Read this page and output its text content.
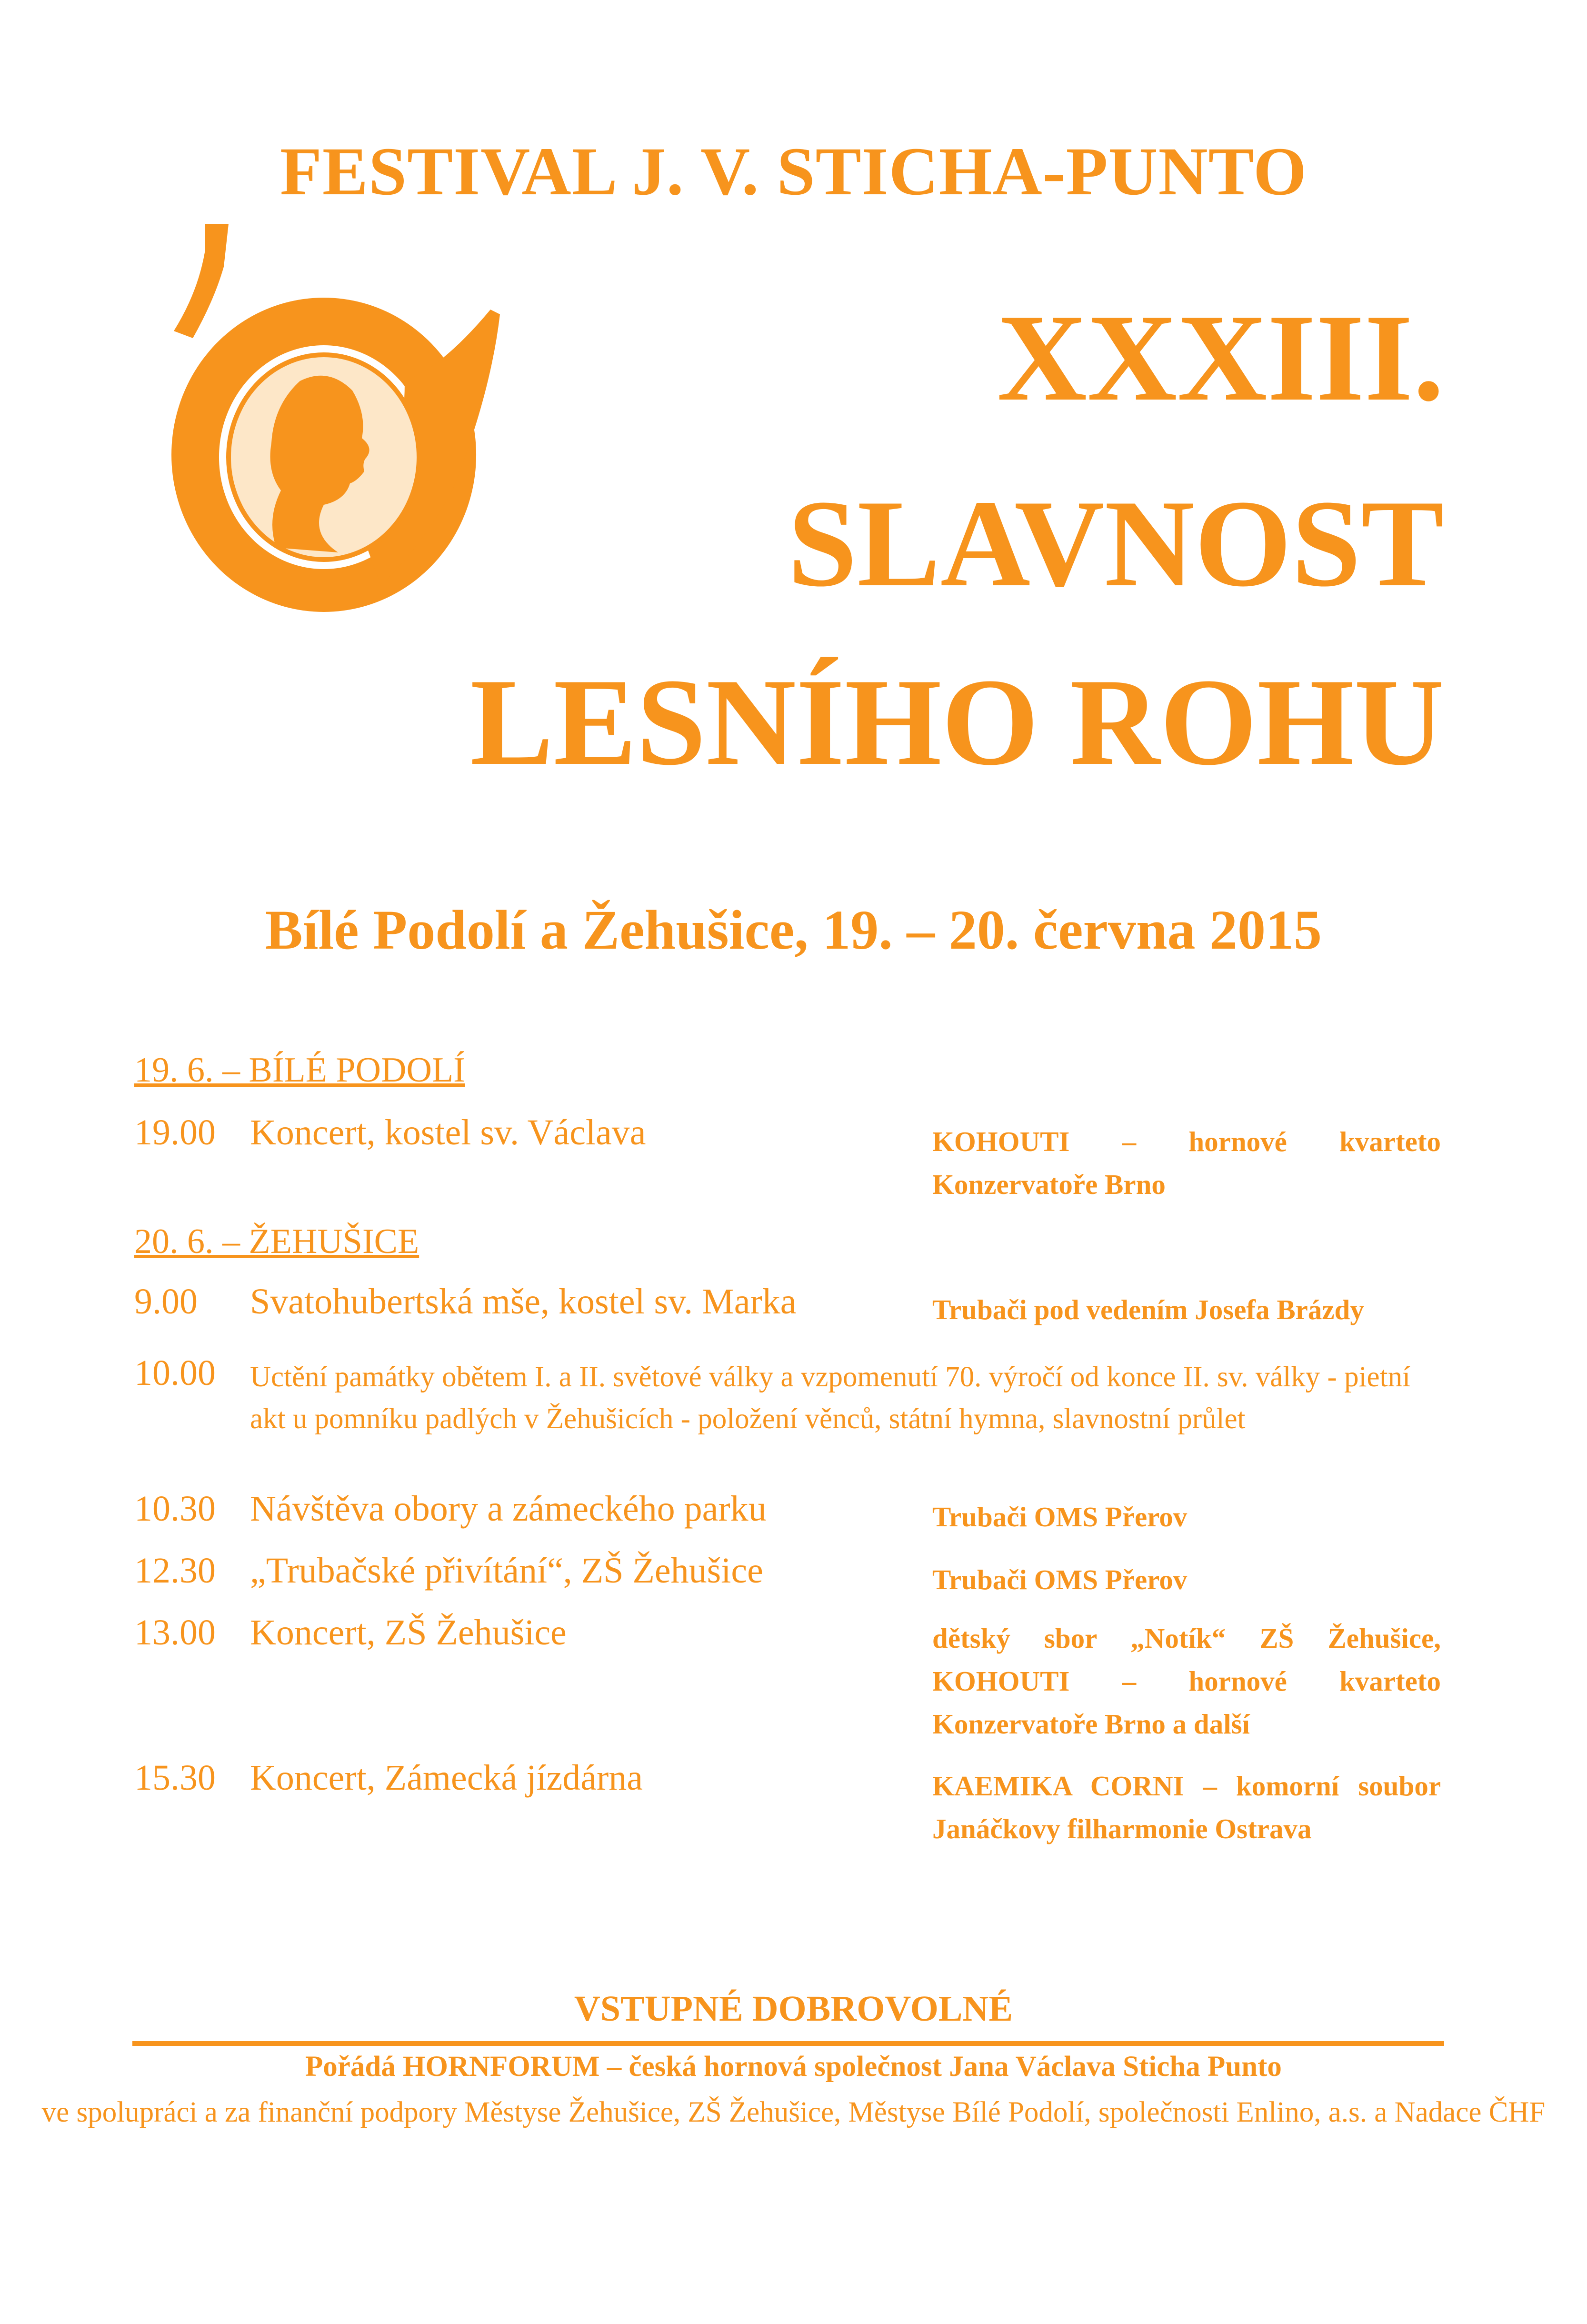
FESTIVAL J. V. STICHA-PUNTO
XXXIII.
SLAVNOST
LESNÍHO ROHU
Bílé Podolí a Žehušice, 19. – 20. června 2015
19. 6. – BÍLÉ PODOLÍ
19.00 Koncert, kostel sv. Václava	KOHOUTI – hornové kvarteto Konzervatoře Brno
20. 6. – ŽEHUŠICE
9.00 Svatohubertská mše, kostel sv. Marka	Trubači pod vedením Josefa Brázdy
10.00 Uctění památky obětem I. a II. světové války a vzpomenutí 70. výročí od konce II. sv. války - pietní akt u pomníku padlých v Žehušicích - položení věnců, státní hymna, slavnostní průlet
10.30 Návštěva obory a zámeckého parku	Trubači OMS Přerov
12.30 „Trubačské přivítání“, ZŠ Žehušice	Trubači OMS Přerov
13.00 Koncert, ZŠ Žehušice	dětský sbor „Notík“ ZŠ Žehušice, KOHOUTI – hornové kvarteto Konzervatoře Brno a další
15.30 Koncert, Zámecká jízdárna	KAEMIKA CORNI – komorní soubor Janáčkovy filharmonie Ostrava
VSTUPNÉ DOBROVOLNÉ
Pořádá HORNFORUM – česká hornová společnost Jana Václava Sticha Punto
ve spolupráci a za finanční podpory Městyse Žehušice, ZŠ Žehušice, Městyse Bílé Podolí, společnosti Enlino, a.s. a Nadace ČHF
